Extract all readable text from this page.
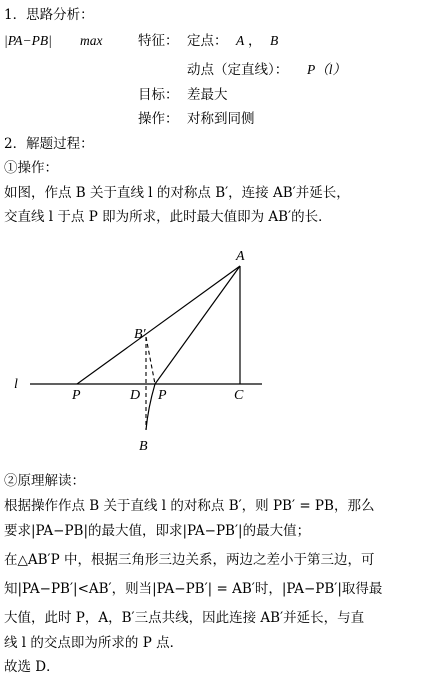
1．思路分析：
|PA−PB| max	特征： 定点： A ， B
动点（定直线）： P（l）
目标： 差最大
操作： 对称到同侧
2．解题过程：
①操作：
如图，作点 B 关于直线 l 的对称点 B′，连接 AB′并延长，
交直线 l 于点 P 即为所求，此时最大值即为 AB′的长．
A
B′
l
P	D P	C
B
②原理解读：
根据操作作点 B 关于直线 l 的对称点 B′，则 PB′ = PB，那么
要求|PA−PB|的最大值，即求|PA−PB′|的最大值；
在△AB′P 中，根据三角形三边关系，两边之差小于第三边，可
知|PA−PB′|<AB′，则当|PA−PB′| = AB′时，|PA−PB′|取得最
大值，此时 P，A，B′三点共线，因此连接 AB′并延长，与直
线 l 的交点即为所求的 P 点．
故选 D．
